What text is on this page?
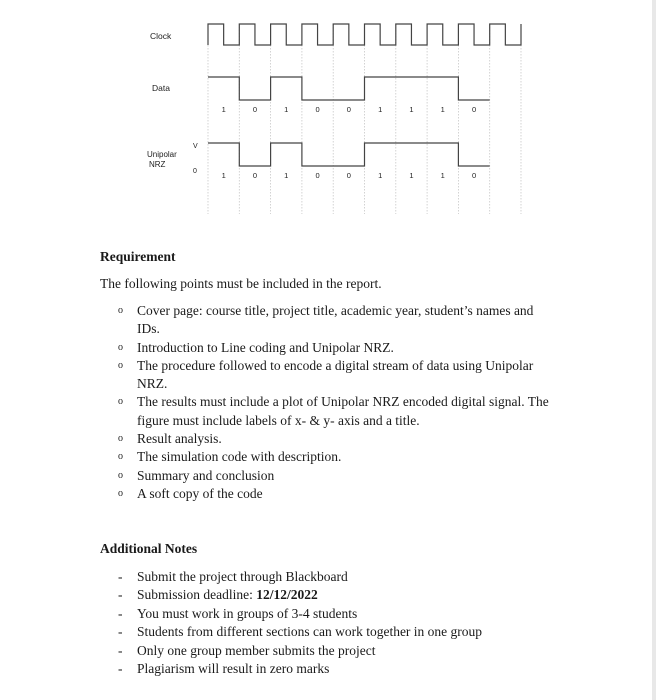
Clock
Data
Unipolar
NRZ
V
0
1	0	1	0	0	1	1	1	0
1	0	1	0	0	1	1	1	0
Requirement
The following points must be included in the report.
o Cover page: course title, project title, academic year, student’s names and IDs.
o Introduction to Line coding and Unipolar NRZ.
o The procedure followed to encode a digital stream of data using Unipolar NRZ.
o The results must include a plot of Unipolar NRZ encoded digital signal. The figure must include labels of x- & y- axis and a title.
o Result analysis.
o The simulation code with description.
o Summary and conclusion
o A soft copy of the code
Additional Notes
- Submit the project through Blackboard
- Submission deadline: 12/12/2022
- You must work in groups of 3-4 students
- Students from different sections can work together in one group
- Only one group member submits the project
- Plagiarism will result in zero marks
